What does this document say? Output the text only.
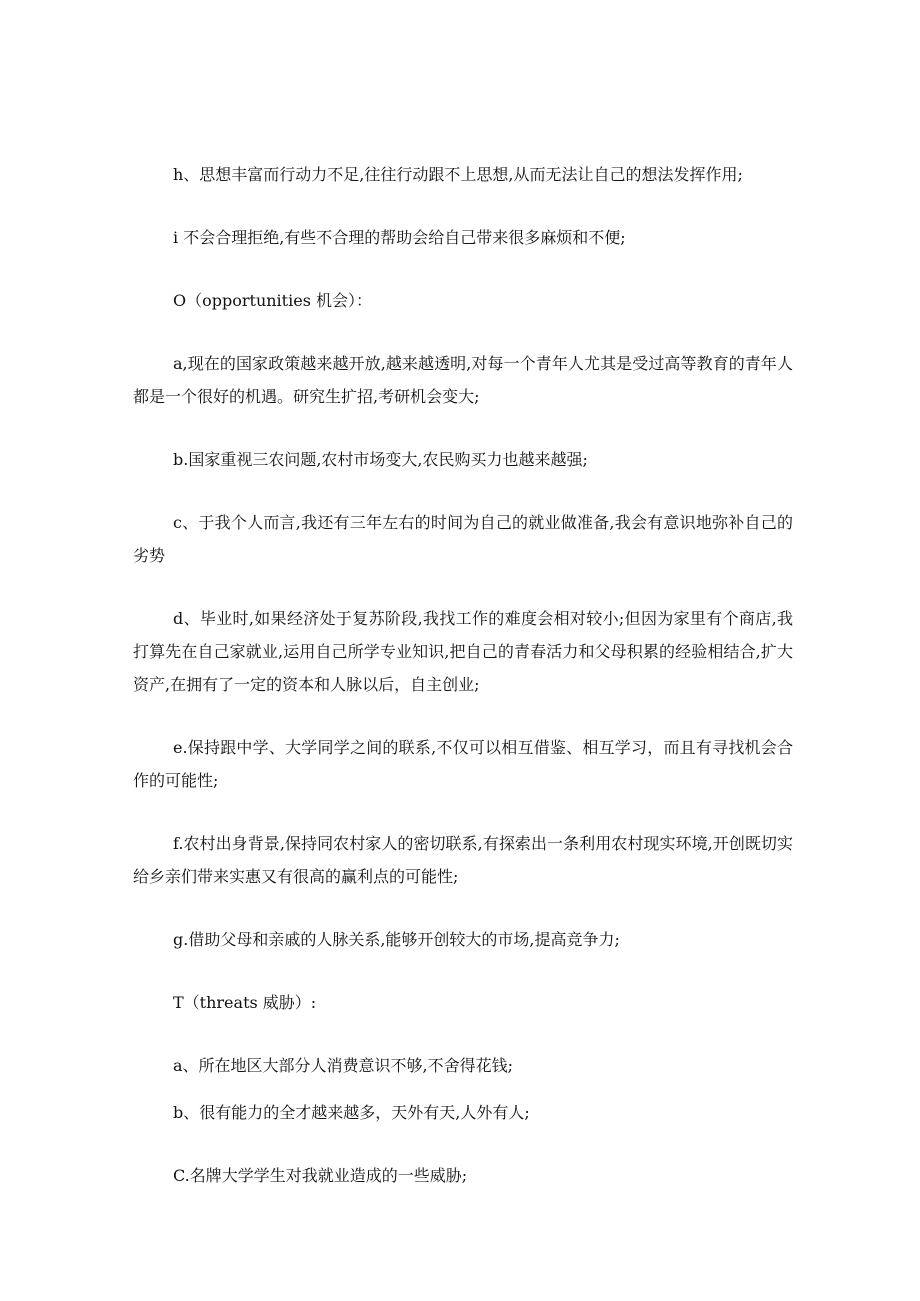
h、思想丰富而行动力不足,往往行动跟不上思想,从而无法让自己的想法发挥作用;

i 不会合理拒绝,有些不合理的帮助会给自己带来很多麻烦和不便;

O（opportunities 机会）：

a,现在的国家政策越来越开放,越来越透明,对每一个青年人尤其是受过高等教育的青年人都是一个很好的机遇。研究生扩招,考研机会变大;

b.国家重视三农问题,农村市场变大,农民购买力也越来越强;

c、于我个人而言,我还有三年左右的时间为自己的就业做准备,我会有意识地弥补自己的劣势

d、毕业时,如果经济处于复苏阶段,我找工作的难度会相对较小;但因为家里有个商店,我打算先在自己家就业,运用自己所学专业知识,把自己的青春活力和父母积累的经验相结合,扩大资产,在拥有了一定的资本和人脉以后，自主创业;

e.保持跟中学、大学同学之间的联系,不仅可以相互借鉴、相互学习，而且有寻找机会合作的可能性;

f.农村出身背景,保持同农村家人的密切联系,有探索出一条利用农村现实环境,开创既切实给乡亲们带来实惠又有很高的赢利点的可能性;

g.借助父母和亲戚的人脉关系,能够开创较大的市场,提高竞争力;

T（threats 威胁）:

a、所在地区大部分人消费意识不够,不舍得花钱;

b、很有能力的全才越来越多，天外有天,人外有人;

C.名牌大学学生对我就业造成的一些威胁;
